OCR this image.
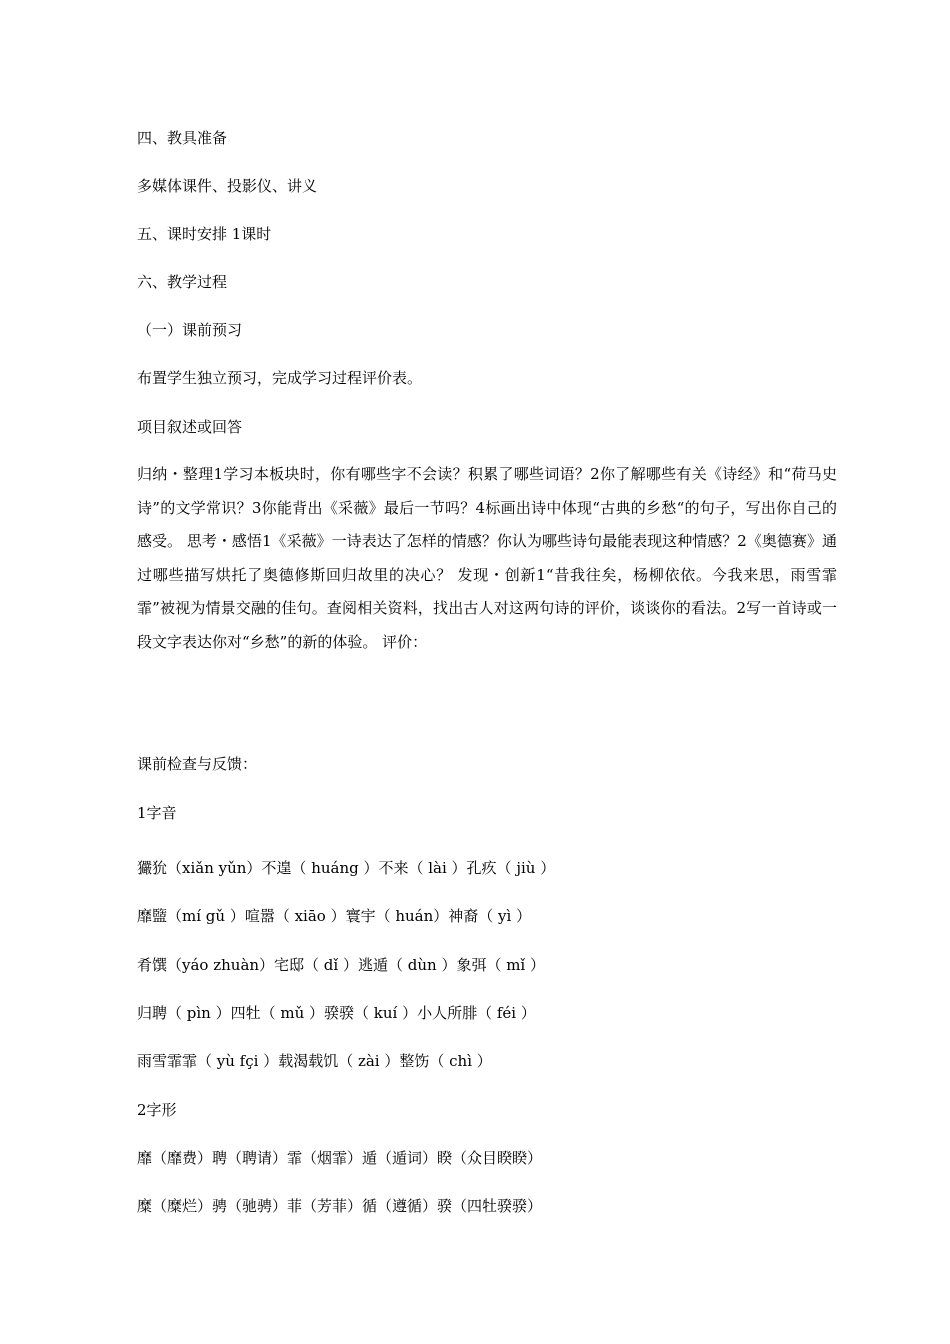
四、教具准备
多媒体课件、投影仪、讲义
五、课时安排 1课时
六、教学过程
（一）课前预习
布置学生独立预习，完成学习过程评价表。
项目叙述或回答
归纳・整理1学习本板块时，你有哪些字不会读？积累了哪些词语？2你了解哪些有关《诗经》和“荷马史诗”的文学常识？3你能背出《采薇》最后一节吗？4标画出诗中体现“古典的乡愁“的句子，写出你自己的感受。 思考・感悟1《采薇》一诗表达了怎样的情感？你认为哪些诗句最能表现这种情感？2《奥德赛》通过哪些描写烘托了奥德修斯回归故里的决心？ 发现・创新1“昔我往矣，杨柳依依。今我来思，雨雪霏霏”被视为情景交融的佳句。查阅相关资料，找出古人对这两句诗的评价，谈谈你的看法。2写一首诗或一段文字表达你对“乡愁”的新的体验。 评价：
课前检查与反馈：
1字音
玁狁（xiǎn yǔn）不遑（ huáng ）不来（ lài ）孔疚（ jiù ）
靡盬（mí gǔ ）喧嚣（ xiāo ）寰宇（ huán）神裔（ yì ）
肴馔（yáo zhuàn）宅邸（ dǐ ）逃遁（ dùn ）象弭（ mǐ ）
归聘（ pìn ）四牡（ mǔ ）骙骙（ kuí ）小人所腓（ féi ）
雨雪霏霏（ yù fçi ）载渴载饥（ zài ）整饬（ chì ）
2字形
靡（靡费）聘（聘请）霏（烟霏）遁（遁词）睽（众目睽睽）
糜（糜烂）骋（驰骋）菲（芳菲）循（遵循）骙（四牡骙骙）
